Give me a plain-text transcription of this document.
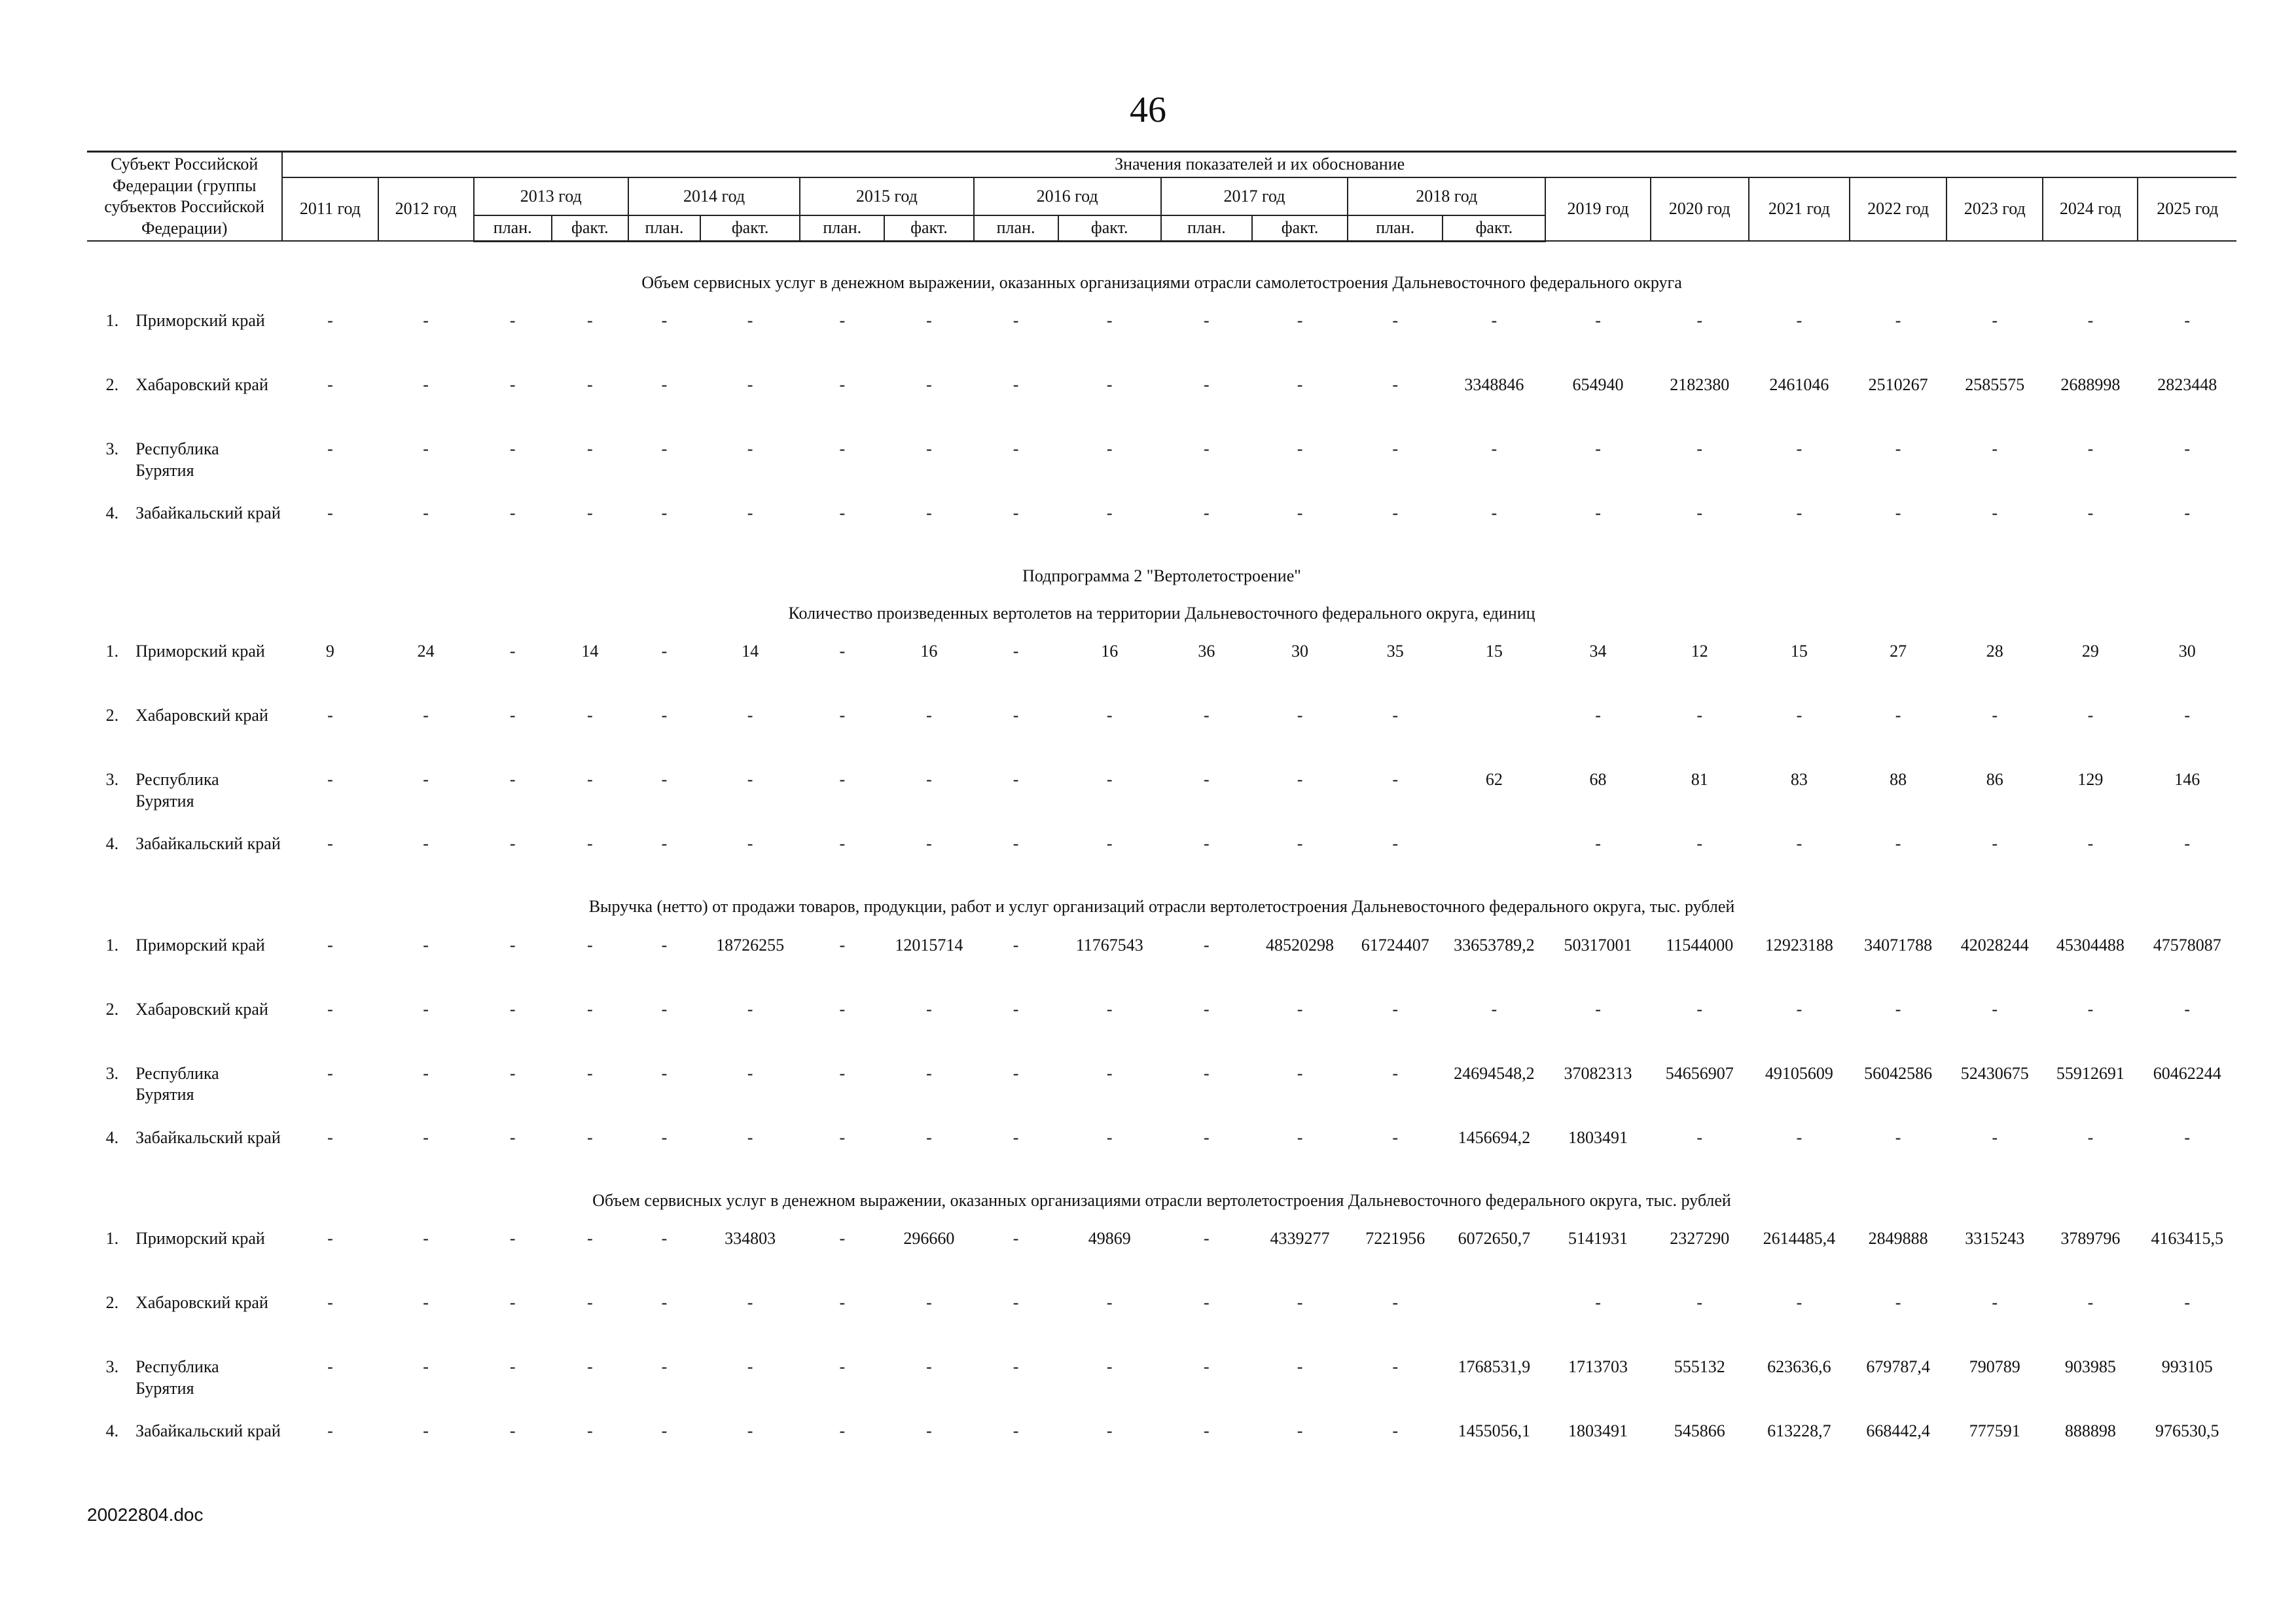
46
Субъект Российской Федерации (группы субъектов Российской Федерации)		Значения показателей и их обоснование																				
		2011 год	2012 год	2013 год		2014 год		2015 год		2016 год		2017 год		2018 год		2019 год	2020 год	2021 год	2022 год	2023 год	2024 год	2025 год
				план.	факт.	план.	факт.	план.	факт.	план.	факт.	план.	факт.	план.	факт.							

Объем сервисных услуг в денежном выражении, оказанных организациями отрасли самолетостроения Дальневосточного федерального округа																						
1.	Приморский край	-	-	-	-	-	-	-	-	-	-	-	-	-	-	-	-	-	-	-	-	-
2.	Хабаровский край	-	-	-	-	-	-	-	-	-	-	-	-	-	3348846	654940	2182380	2461046	2510267	2585575	2688998	2823448
3.	Республика Бурятия	-	-	-	-	-	-	-	-	-	-	-	-	-	-	-	-	-	-	-	-	-
4.	Забайкальский край	-	-	-	-	-	-	-	-	-	-	-	-	-	-	-	-	-	-	-	-	-
Подпрограмма 2 "Вертолетостроение"																						
Количество произведенных вертолетов на территории Дальневосточного федерального округа, единиц																						
1.	Приморский край	9	24	-	14	-	14	-	16	-	16	36	30	35	15	34	12	15	27	28	29	30
2.	Хабаровский край	-	-	-	-	-	-	-	-	-	-	-	-	-		-	-	-	-	-	-	-
3.	Республика Бурятия	-	-	-	-	-	-	-	-	-	-	-	-	-	62	68	81	83	88	86	129	146
4.	Забайкальский край	-	-	-	-	-	-	-	-	-	-	-	-	-		-	-	-	-	-	-	-
Выручка (нетто) от продажи товаров, продукции, работ и услуг организаций отрасли вертолетостроения Дальневосточного федерального округа, тыс. рублей																						
1.	Приморский край	-	-	-	-	-	18726255	-	12015714	-	11767543	-	48520298	61724407	33653789,2	50317001	11544000	12923188	34071788	42028244	45304488	47578087
2.	Хабаровский край	-	-	-	-	-	-	-	-	-	-	-	-	-	-	-	-	-	-	-	-	-
3.	Республика Бурятия	-	-	-	-	-	-	-	-	-	-	-	-	-	24694548,2	37082313	54656907	49105609	56042586	52430675	55912691	60462244
4.	Забайкальский край	-	-	-	-	-	-	-	-	-	-	-	-	-	1456694,2	1803491	-	-	-	-	-	-
Объем сервисных услуг в денежном выражении, оказанных организациями отрасли вертолетостроения Дальневосточного федерального округа, тыс. рублей																						
1.	Приморский край	-	-	-	-	-	334803	-	296660	-	49869	-	4339277	7221956	6072650,7	5141931	2327290	2614485,4	2849888	3315243	3789796	4163415,5
2.	Хабаровский край	-	-	-	-	-	-	-	-	-	-	-	-	-		-	-	-	-	-	-	-
3.	Республика Бурятия	-	-	-	-	-	-	-	-	-	-	-	-	-	1768531,9	1713703	555132	623636,6	679787,4	790789	903985	993105
4.	Забайкальский край	-	-	-	-	-	-	-	-	-	-	-	-	-	1455056,1	1803491	545866	613228,7	668442,4	777591	888898	976530,5
20022804.doc
